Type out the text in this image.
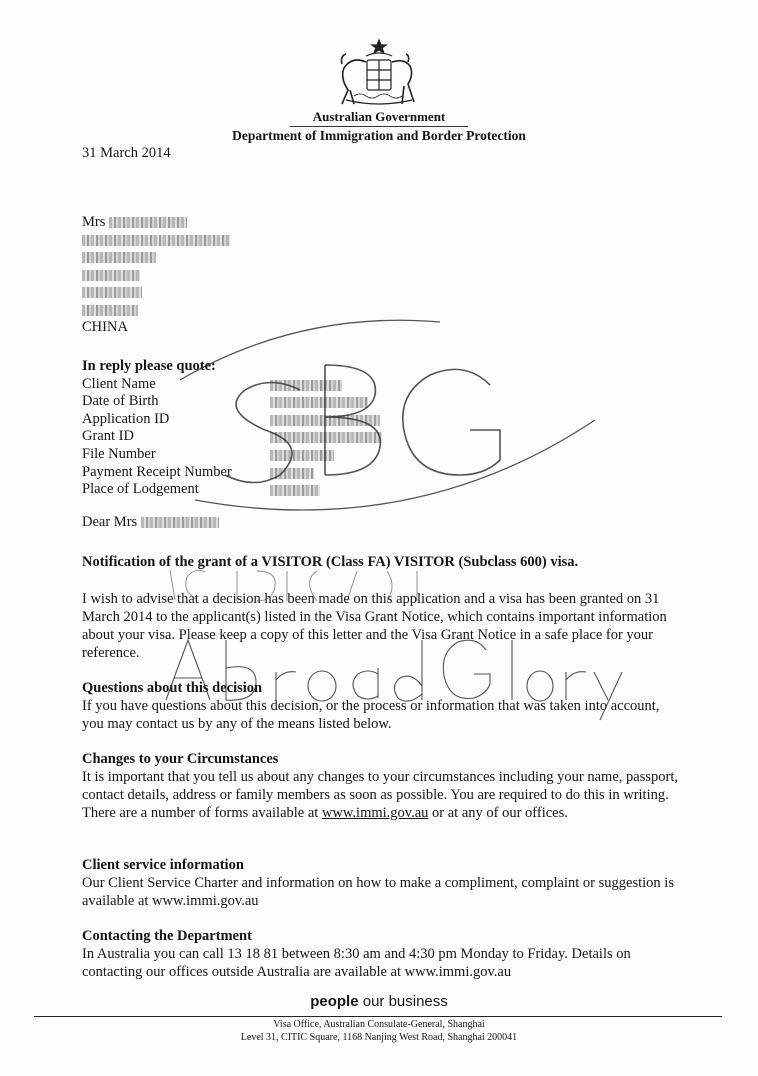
Australian Government
Department of Immigration and Border Protection
31 March 2014
Mrs
CHINA
In reply please quote:
Client Name
Date of Birth
Application ID
Grant ID
File Number
Payment Receipt Number
Place of Lodgement
Dear Mrs
Notification of the grant of a VISITOR (Class FA) VISITOR (Subclass 600) visa.

I wish to advise that a decision has been made on this application and a visa has been granted on 31 March 2014 to the applicant(s) listed in the Visa Grant Notice, which contains important information about your visa. Please keep a copy of this letter and the Visa Grant Notice in a safe place for your reference.

Questions about this decision

If you have questions about this decision, or the process or information that was taken into account, you may contact us by any of the means listed below.

Changes to your Circumstances

It is important that you tell us about any changes to your circumstances including your name, passport, contact details, address or family members as soon as possible. You are required to do this in writing. There are a number of forms available at www.immi.gov.au or at any of our offices.

Client service information

Our Client Service Charter and information on how to make a compliment, complaint or suggestion is available at www.immi.gov.au

Contacting the Department

In Australia you can call 13 18 81 between 8:30 am and 4:30 pm Monday to Friday. Details on contacting our offices outside Australia are available at www.immi.gov.au

people our business
Visa Office, Australian Consulate-General, Shanghai
Level 31, CITIC Square, 1168 Nanjing West Road, Shanghai 200041
